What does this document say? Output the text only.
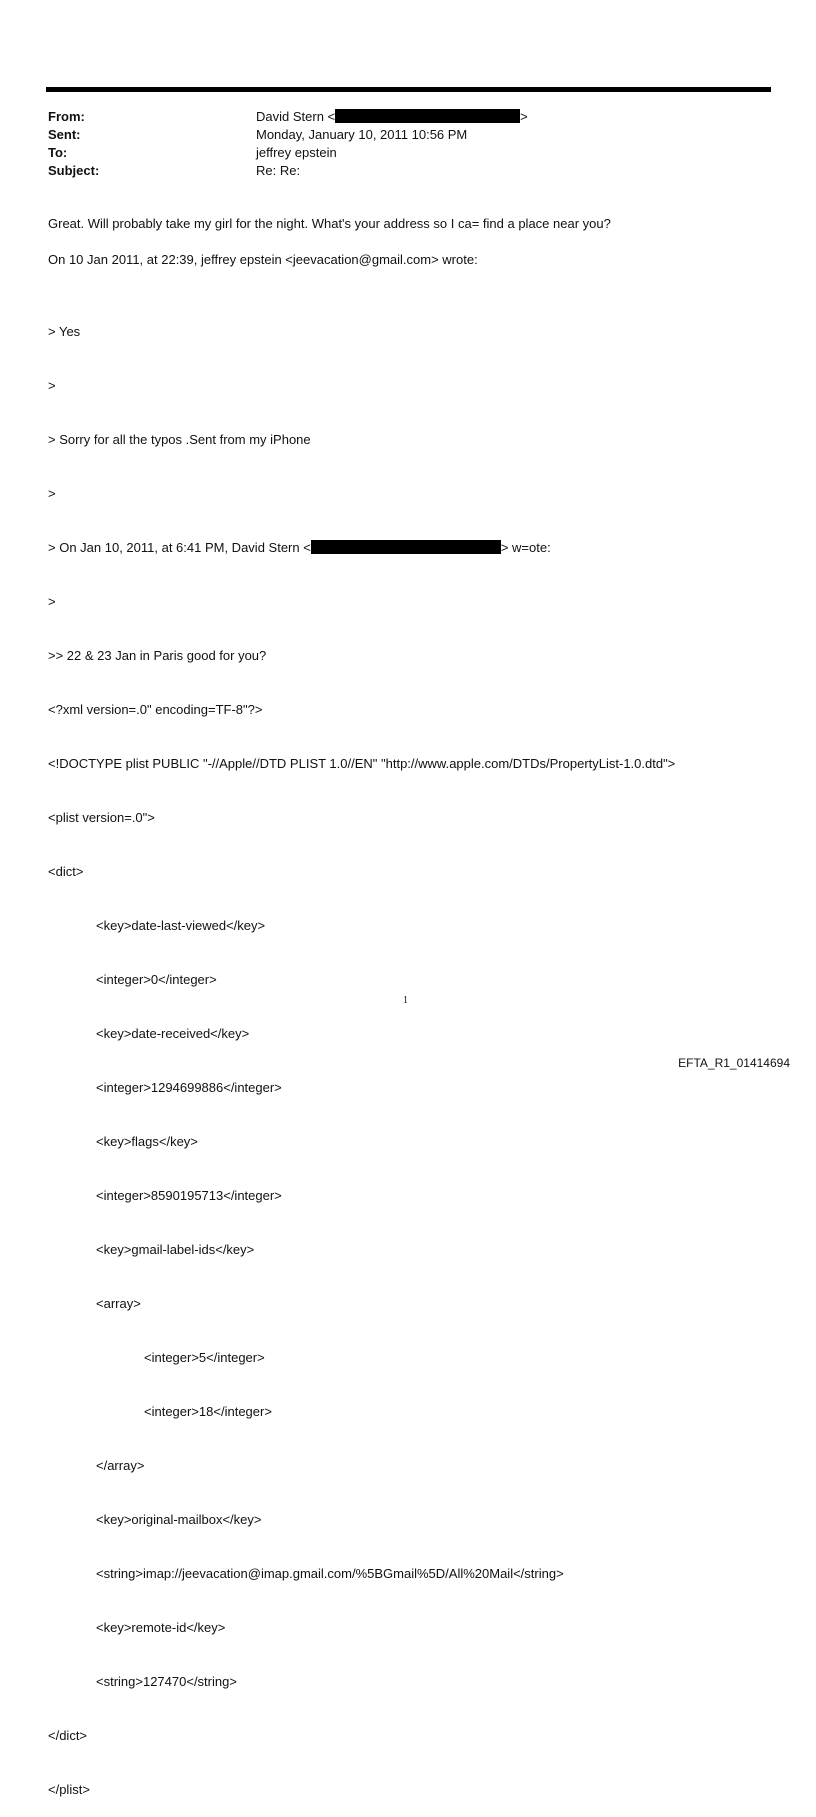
From:	David Stern <	>
Sent:	Monday, January 10, 2011 10:56 PM
To:	jeffrey epstein
Subject:	Re: Re:
Great. Will probably take my girl for the night. What's your address so I ca= find a place near you?
On 10 Jan 2011, at 22:39, jeffrey epstein <jeevacation@gmail.com> wrote:

> Yes

>

> Sorry for all the typos .Sent from my iPhone

>

> On Jan 10, 2011, at 6:41 PM, David Stern <	> w=ote:

>

>> 22 & 23 Jan in Paris good for you?

<?xml version=.0" encoding=TF-8"?>

<!DOCTYPE plist PUBLIC "-//Apple//DTD PLIST 1.0//EN" "http://www.apple.com/DTDs/PropertyList-1.0.dtd">

<plist version=.0">

<dict>

<key>date-last-viewed</key>

<integer>0</integer>

<key>date-received</key>

<integer>1294699886</integer>

<key>flags</key>

<integer>8590195713</integer>

<key>gmail-label-ids</key>

<array>

<integer>5</integer>

<integer>18</integer>

</array>

<key>original-mailbox</key>

<string>imap://jeevacation@imap.gmail.com/%5BGmail%5D/All%20Mail</string>

<key>remote-id</key>

<string>127470</string>

</dict>

</plist>

1
EFTA_R1_01414694
